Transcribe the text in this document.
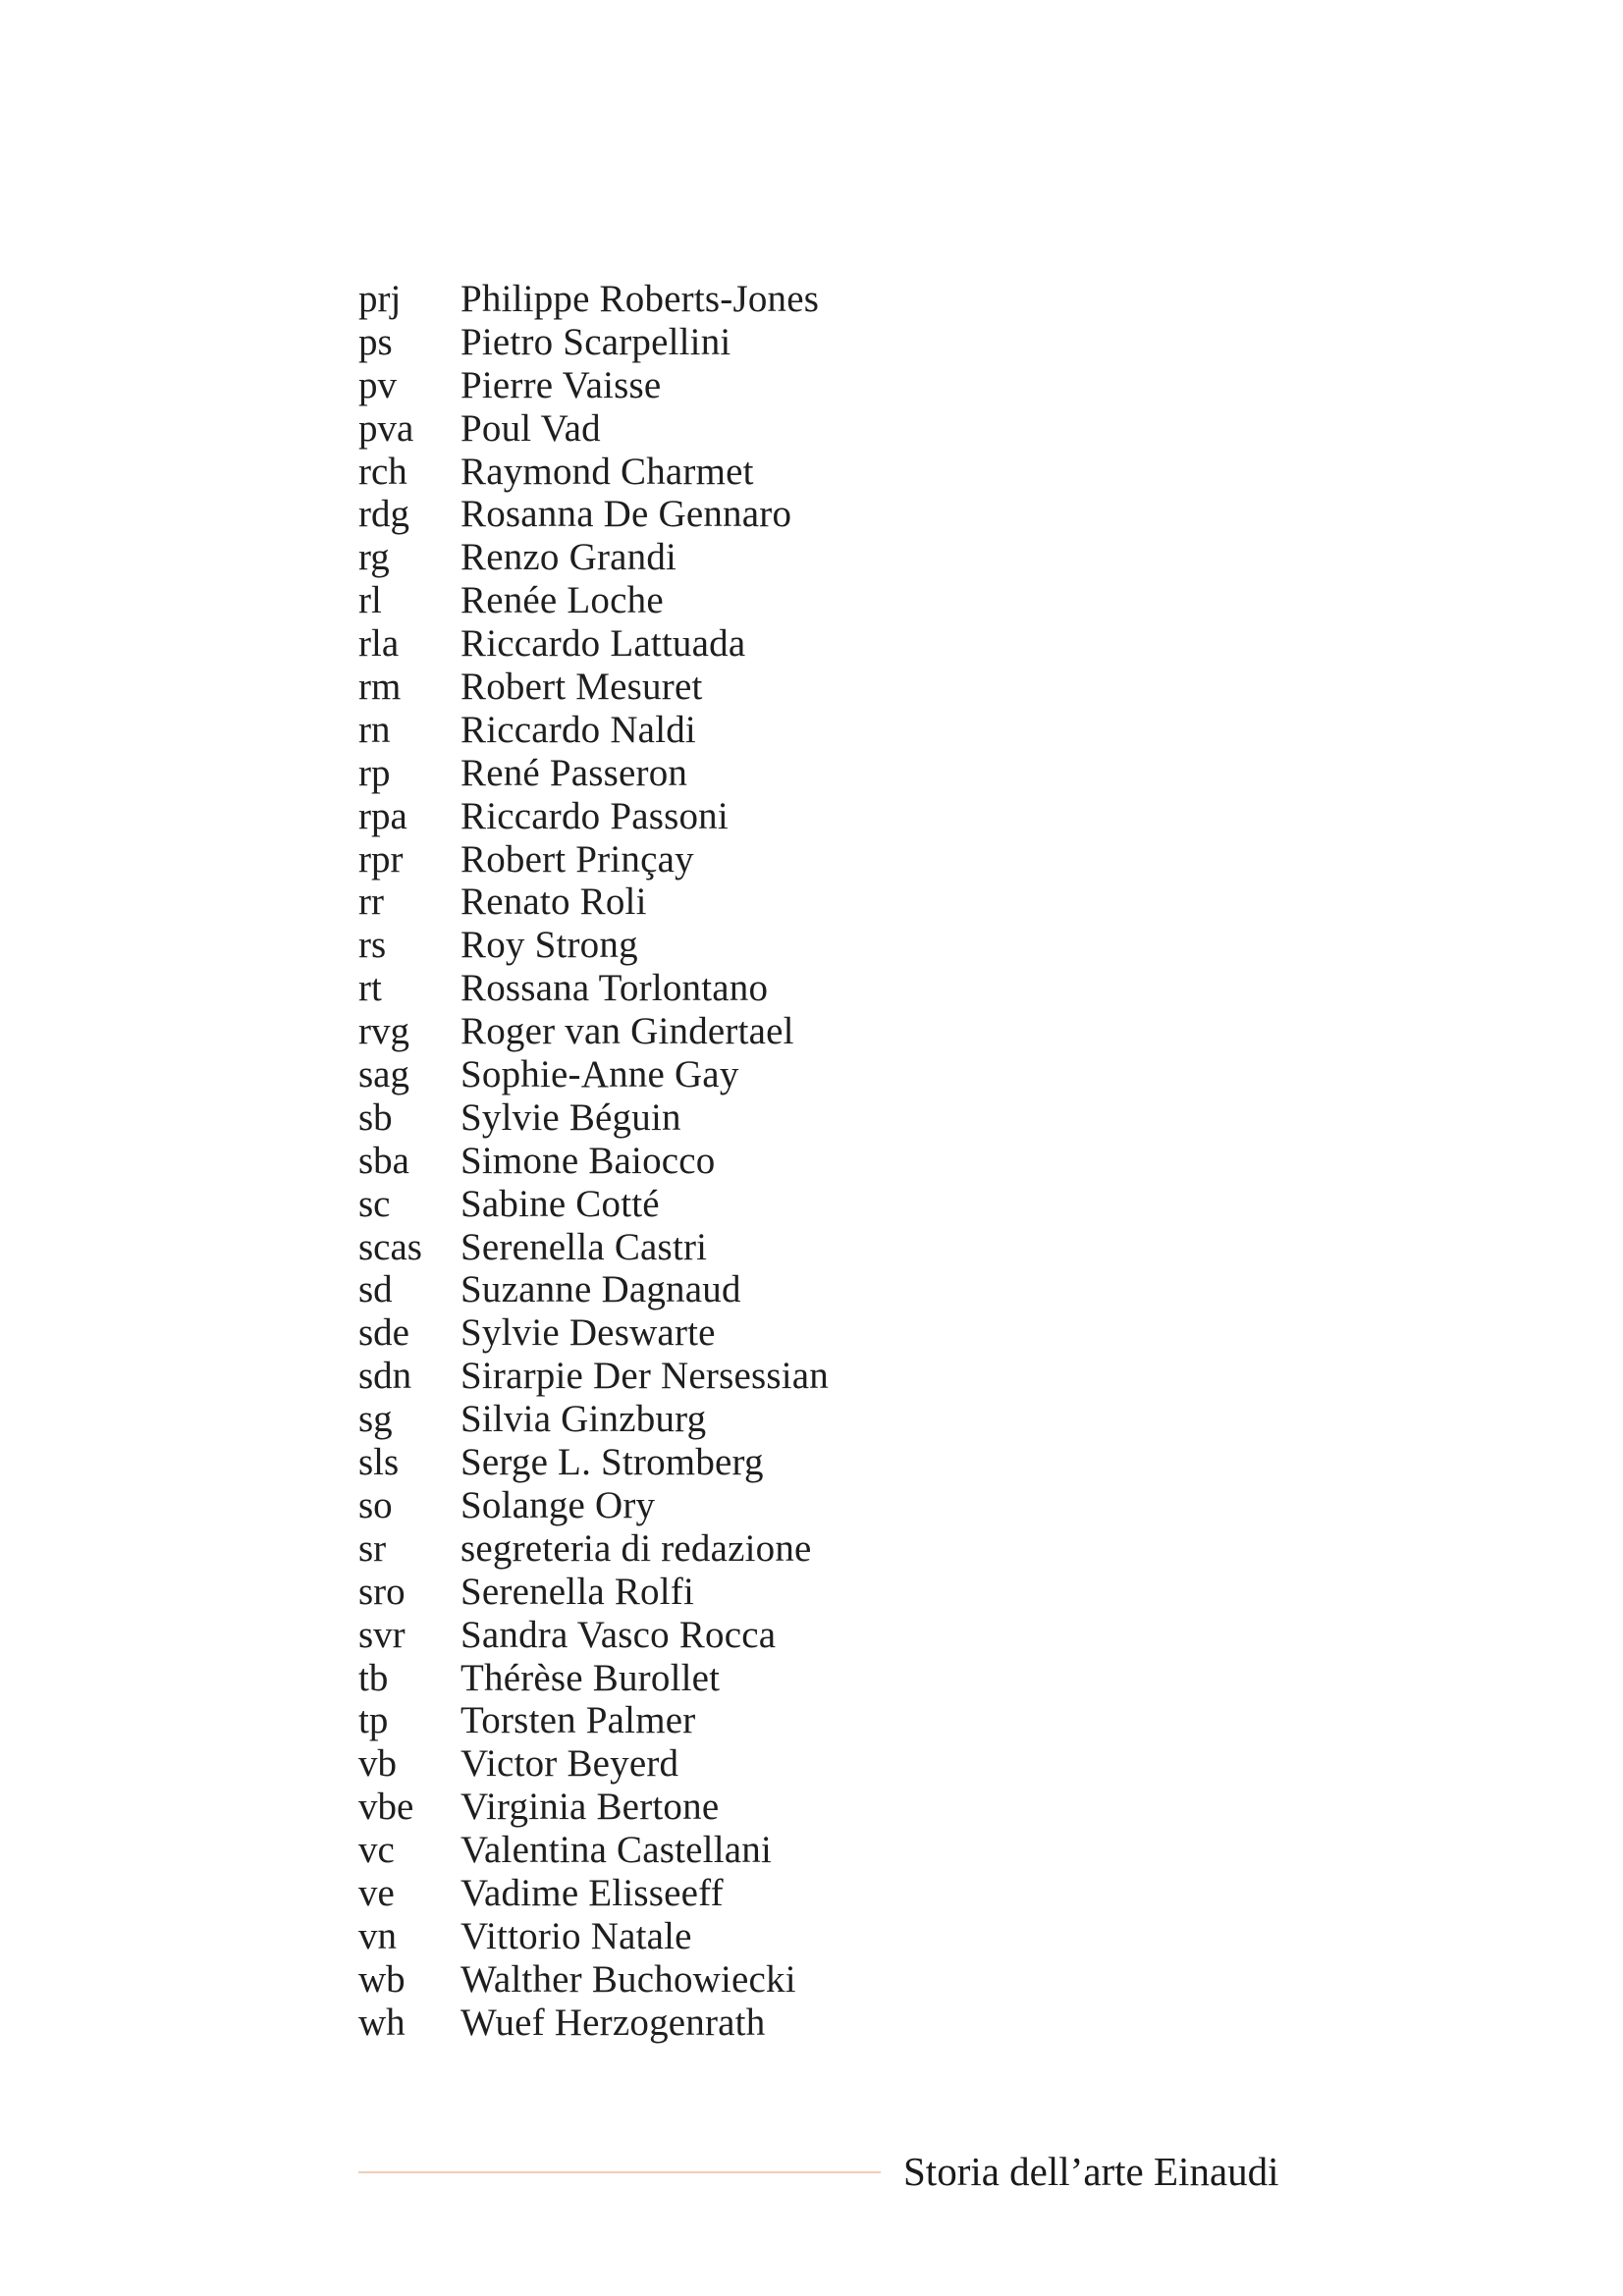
prj	Philippe Roberts-Jones
ps	Pietro Scarpellini
pv	Pierre Vaisse
pva	Poul Vad
rch	Raymond Charmet
rdg	Rosanna De Gennaro
rg	Renzo Grandi
rl	Renée Loche
rla	Riccardo Lattuada
rm	Robert Mesuret
rn	Riccardo Naldi
rp	René Passeron
rpa	Riccardo Passoni
rpr	Robert Prinçay
rr	Renato Roli
rs	Roy Strong
rt	Rossana Torlontano
rvg	Roger van Gindertael
sag	Sophie-Anne Gay
sb	Sylvie Béguin
sba	Simone Baiocco
sc	Sabine Cotté
scas	Serenella Castri
sd	Suzanne Dagnaud
sde	Sylvie Deswarte
sdn	Sirarpie Der Nersessian
sg	Silvia Ginzburg
sls	Serge L. Stromberg
so	Solange Ory
sr	segreteria di redazione
sro	Serenella Rolfi
svr	Sandra Vasco Rocca
tb	Thérèse Burollet
tp	Torsten Palmer
vb	Victor Beyerd
vbe	Virginia Bertone
vc	Valentina Castellani
ve	Vadime Elisseeff
vn	Vittorio Natale
wb	Walther Buchowiecki
wh	Wuef Herzogenrath
Storia dell’arte Einaudi
